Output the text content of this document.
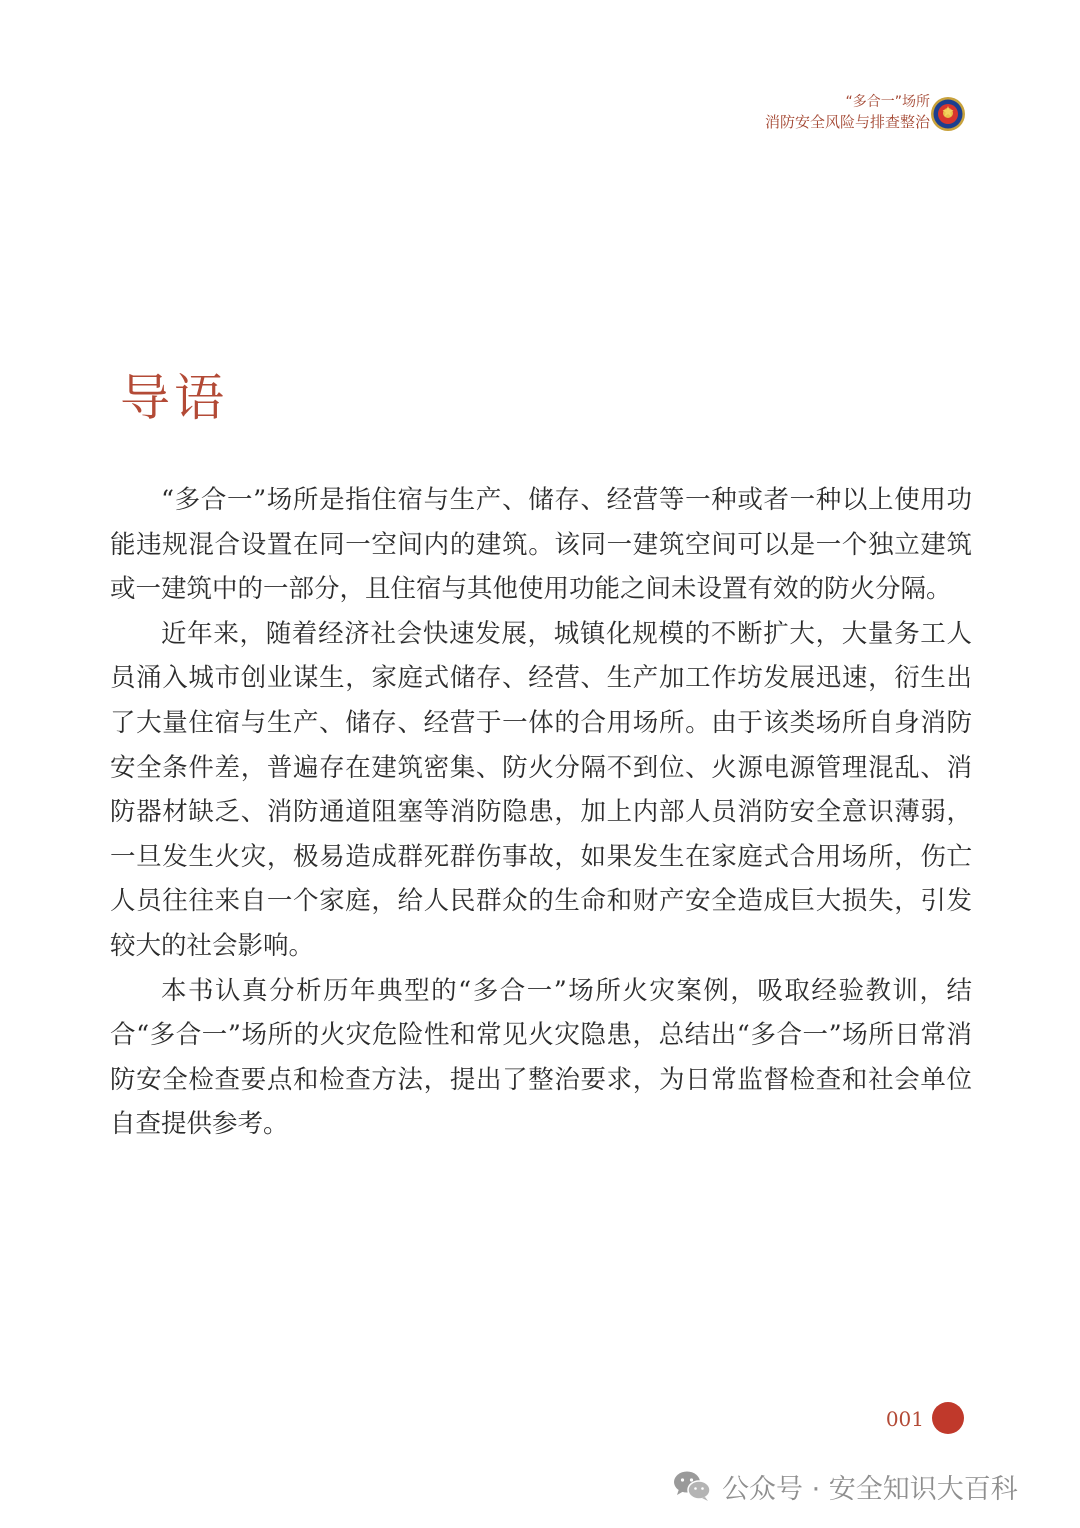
“多合一”场所
消防安全风险与排查整治
导语

“多合一”场所是指住宿与生产、储存、经营等一种或者一种以上使用功能违规混合设置在同一空间内的建筑。该同一建筑空间可以是一个独立建筑或一建筑中的一部分，且住宿与其他使用功能之间未设置有效的防火分隔。

近年来，随着经济社会快速发展，城镇化规模的不断扩大，大量务工人员涌入城市创业谋生，家庭式储存、经营、生产加工作坊发展迅速，衍生出了大量住宿与生产、储存、经营于一体的合用场所。由于该类场所自身消防安全条件差，普遍存在建筑密集、防火分隔不到位、火源电源管理混乱、消防器材缺乏、消防通道阻塞等消防隐患，加上内部人员消防安全意识薄弱，一旦发生火灾，极易造成群死群伤事故，如果发生在家庭式合用场所，伤亡人员往往来自一个家庭，给人民群众的生命和财产安全造成巨大损失，引发较大的社会影响。

本书认真分析历年典型的“多合一”场所火灾案例，吸取经验教训，结合“多合一”场所的火灾危险性和常见火灾隐患，总结出“多合一”场所日常消防安全检查要点和检查方法，提出了整治要求，为日常监督检查和社会单位自查提供参考。

001
公众号 · 安全知识大百科
